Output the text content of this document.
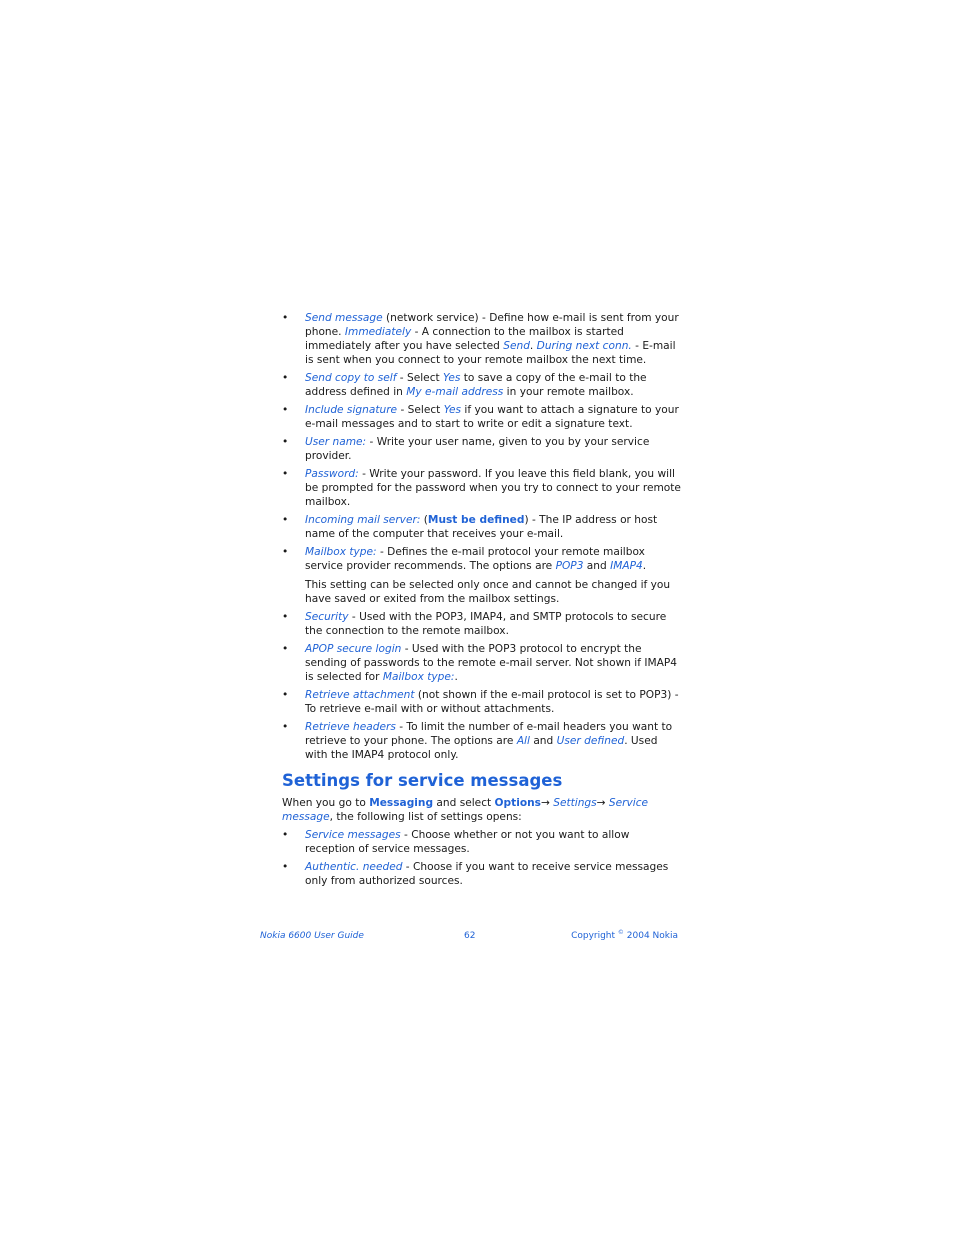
• Send message (network service) - Define how e-mail is sent from your phone. Immediately - A connection to the mailbox is started immediately after you have selected Send. During next conn. - E-mail is sent when you connect to your remote mailbox the next time.
• Send copy to self - Select Yes to save a copy of the e-mail to the address defined in My e-mail address in your remote mailbox.
• Include signature - Select Yes if you want to attach a signature to your e-mail messages and to start to write or edit a signature text.
• User name: - Write your user name, given to you by your service provider.
• Password: - Write your password. If you leave this field blank, you will be prompted for the password when you try to connect to your remote mailbox.
• Incoming mail server: (Must be defined) - The IP address or host name of the computer that receives your e-mail.
• Mailbox type: - Defines the e-mail protocol your remote mailbox service provider recommends. The options are POP3 and IMAP4.
This setting can be selected only once and cannot be changed if you have saved or exited from the mailbox settings.
• Security - Used with the POP3, IMAP4, and SMTP protocols to secure the connection to the remote mailbox.
• APOP secure login - Used with the POP3 protocol to encrypt the sending of passwords to the remote e-mail server. Not shown if IMAP4 is selected for Mailbox type:.
• Retrieve attachment (not shown if the e-mail protocol is set to POP3) - To retrieve e-mail with or without attachments.
• Retrieve headers - To limit the number of e-mail headers you want to retrieve to your phone. The options are All and User defined. Used with the IMAP4 protocol only.
Settings for service messages
When you go to Messaging and select Options→ Settings→ Service message, the following list of settings opens:
• Service messages - Choose whether or not you want to allow reception of service messages.
• Authentic. needed - Choose if you want to receive service messages only from authorized sources.
Nokia 6600 User Guide	62	Copyright © 2004 Nokia
